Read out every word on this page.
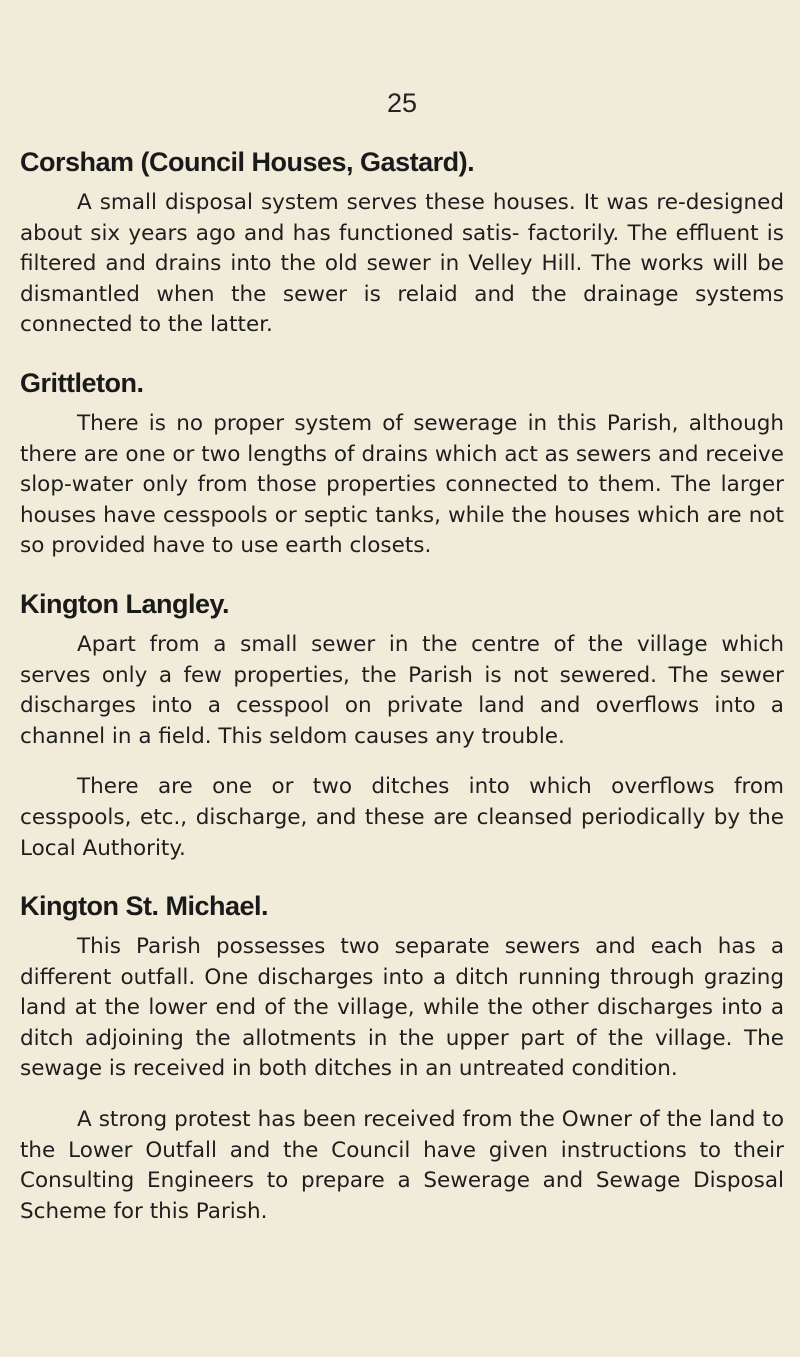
25

Corsham (Council Houses, Gastard).

A small disposal system serves these houses. It was re-designed about six years ago and has functioned satis- factorily. The effluent is filtered and drains into the old sewer in Velley Hill. The works will be dismantled when the sewer is relaid and the drainage systems connected to the latter.

Grittleton.

There is no proper system of sewerage in this Parish, although there are one or two lengths of drains which act as sewers and receive slop-water only from those properties connected to them. The larger houses have cesspools or septic tanks, while the houses which are not so provided have to use earth closets.

Kington Langley.

Apart from a small sewer in the centre of the village which serves only a few properties, the Parish is not sewered. The sewer discharges into a cesspool on private land and overflows into a channel in a field. This seldom causes any trouble.

There are one or two ditches into which overflows from cesspools, etc., discharge, and these are cleansed periodically by the Local Authority.

Kington St. Michael.

This Parish possesses two separate sewers and each has a different outfall. One discharges into a ditch running through grazing land at the lower end of the village, while the other discharges into a ditch adjoining the allotments in the upper part of the village. The sewage is received in both ditches in an untreated condition.

A strong protest has been received from the Owner of the land to the Lower Outfall and the Council have given instructions to their Consulting Engineers to prepare a Sewerage and Sewage Disposal Scheme for this Parish.
